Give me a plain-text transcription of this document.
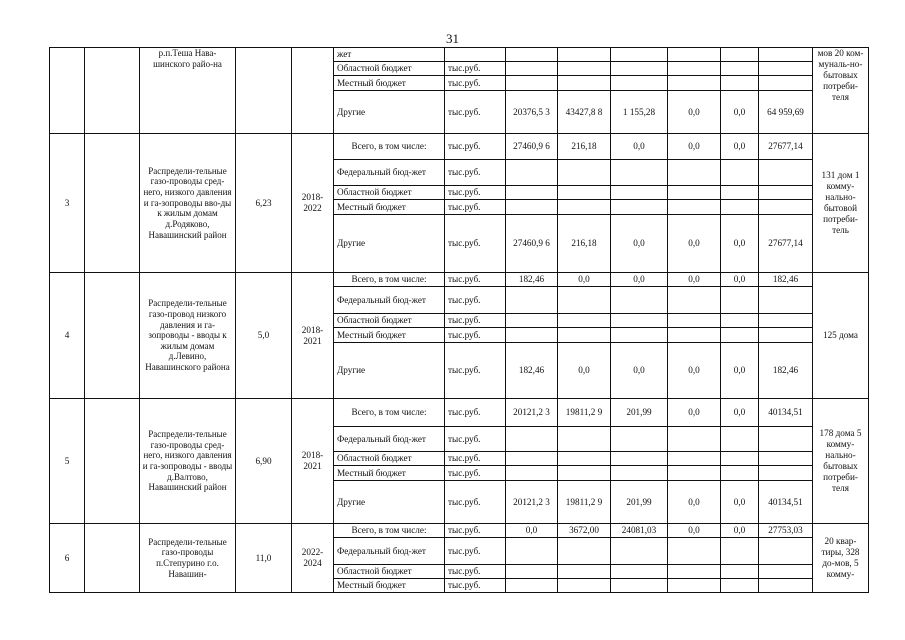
31
		р.п.Теша Нава-шинского райо-на			жет								мов 20 ком-муналь-но-бытовых потреби-теля
					Областной бюджет	тыс.руб.							
					Местный бюджет	тыс.руб.							
					Другие	тыс.руб.	20376,5 3	43427,8 8	1 155,28	0,0	0,0	64 959,69	
3		Распредели-тельные газо-проводы сред-него, низкого давления и га-зопроводы вво-ды к жилым домам д.Родяково, Навашинский район	6,23	2018-2022	Всего, в том числе:	тыс.руб.	27460,9 6	216,18	0,0	0,0	0,0	27677,14	131 дом 1 комму-нально-бытовой потреби-тель
					Федеральный бюд-жет	тыс.руб.							
					Областной бюджет	тыс.руб.							
					Местный бюджет	тыс.руб.							
					Другие	тыс.руб.	27460,9 6	216,18	0,0	0,0	0,0	27677,14	
4		Распредели-тельные газо-провод низкого давления и га-зопроводы - вводы к жилым домам д.Левино, Навашинского района	5,0	2018-2021	Всего, в том числе:	тыс.руб.	182,46	0,0	0,0	0,0	0,0	182,46	125 дома
					Федеральный бюд-жет	тыс.руб.							
					Областной бюджет	тыс.руб.							
					Местный бюджет	тыс.руб.							
					Другие	тыс.руб.	182,46	0,0	0,0	0,0	0,0	182,46	
5		Распредели-тельные газо-проводы сред-него, низкого давления и га-зопроводы - вводы д.Валтово, Навашинский район	6,90	2018-2021	Всего, в том числе:	тыс.руб.	20121,2 3	19811,2 9	201,99	0,0	0,0	40134,51	178 дома 5 комму-нально-бытовых потреби-теля
					Федеральный бюд-жет	тыс.руб.							
					Областной бюджет	тыс.руб.							
					Местный бюджет	тыс.руб.							
					Другие	тыс.руб.	20121,2 3	19811,2 9	201,99	0,0	0,0	40134,51	
6		Распредели-тельные газо-проводы п.Степурино г.о. Навашин-	11,0	2022-2024	Всего, в том числе:	тыс.руб.	0,0	3672,00	24081,03	0,0	0,0	27753,03	20 квар-тиры, 328 до-мов, 5 комму-
					Федеральный бюд-жет	тыс.руб.							
					Областной бюджет	тыс.руб.							
					Местный бюджет	тыс.руб.							
